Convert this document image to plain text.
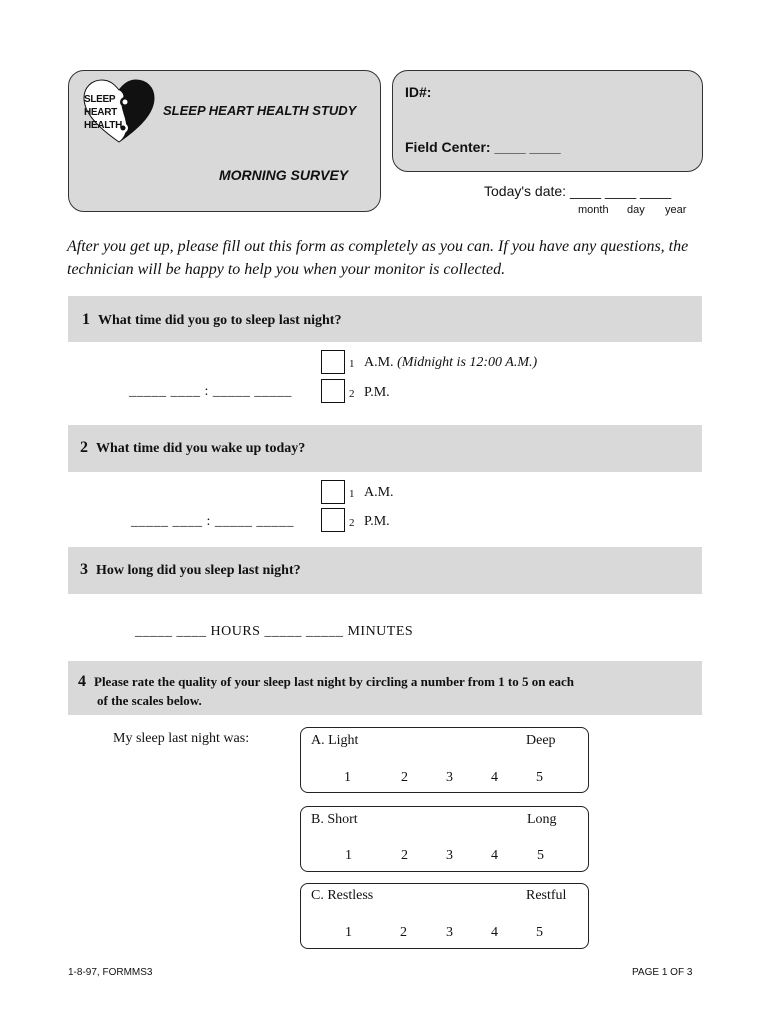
SLEEP
HEART
HEALTH
SLEEP HEART HEALTH STUDY
MORNING SURVEY
ID#:
Field Center: ____ ____
Today's date: ____ ____ ____
month day year
After you get up, please fill out this form as completely as you can. If you have any questions, the technician will be happy to help you when your monitor is collected.
1 What time did you go to sleep last night?
1 A.M. (Midnight is 12:00 A.M.)
2 P.M.
_____ ____ : _____ _____
2 What time did you wake up today?
1 A.M.
2 P.M.
_____ ____ : _____ _____
3 How long did you sleep last night?
_____ ____ HOURS _____ _____ MINUTES
4 Please rate the quality of your sleep last night by circling a number from 1 to 5 on each
of the scales below.
My sleep last night was:	A. Light	Deep
1	2	3	4	5
B. Short	Long
1	2	3	4	5
C. Restless	Restful
1	2	3	4	5
1-8-97, FORMMS3	PAGE 1 OF 3
